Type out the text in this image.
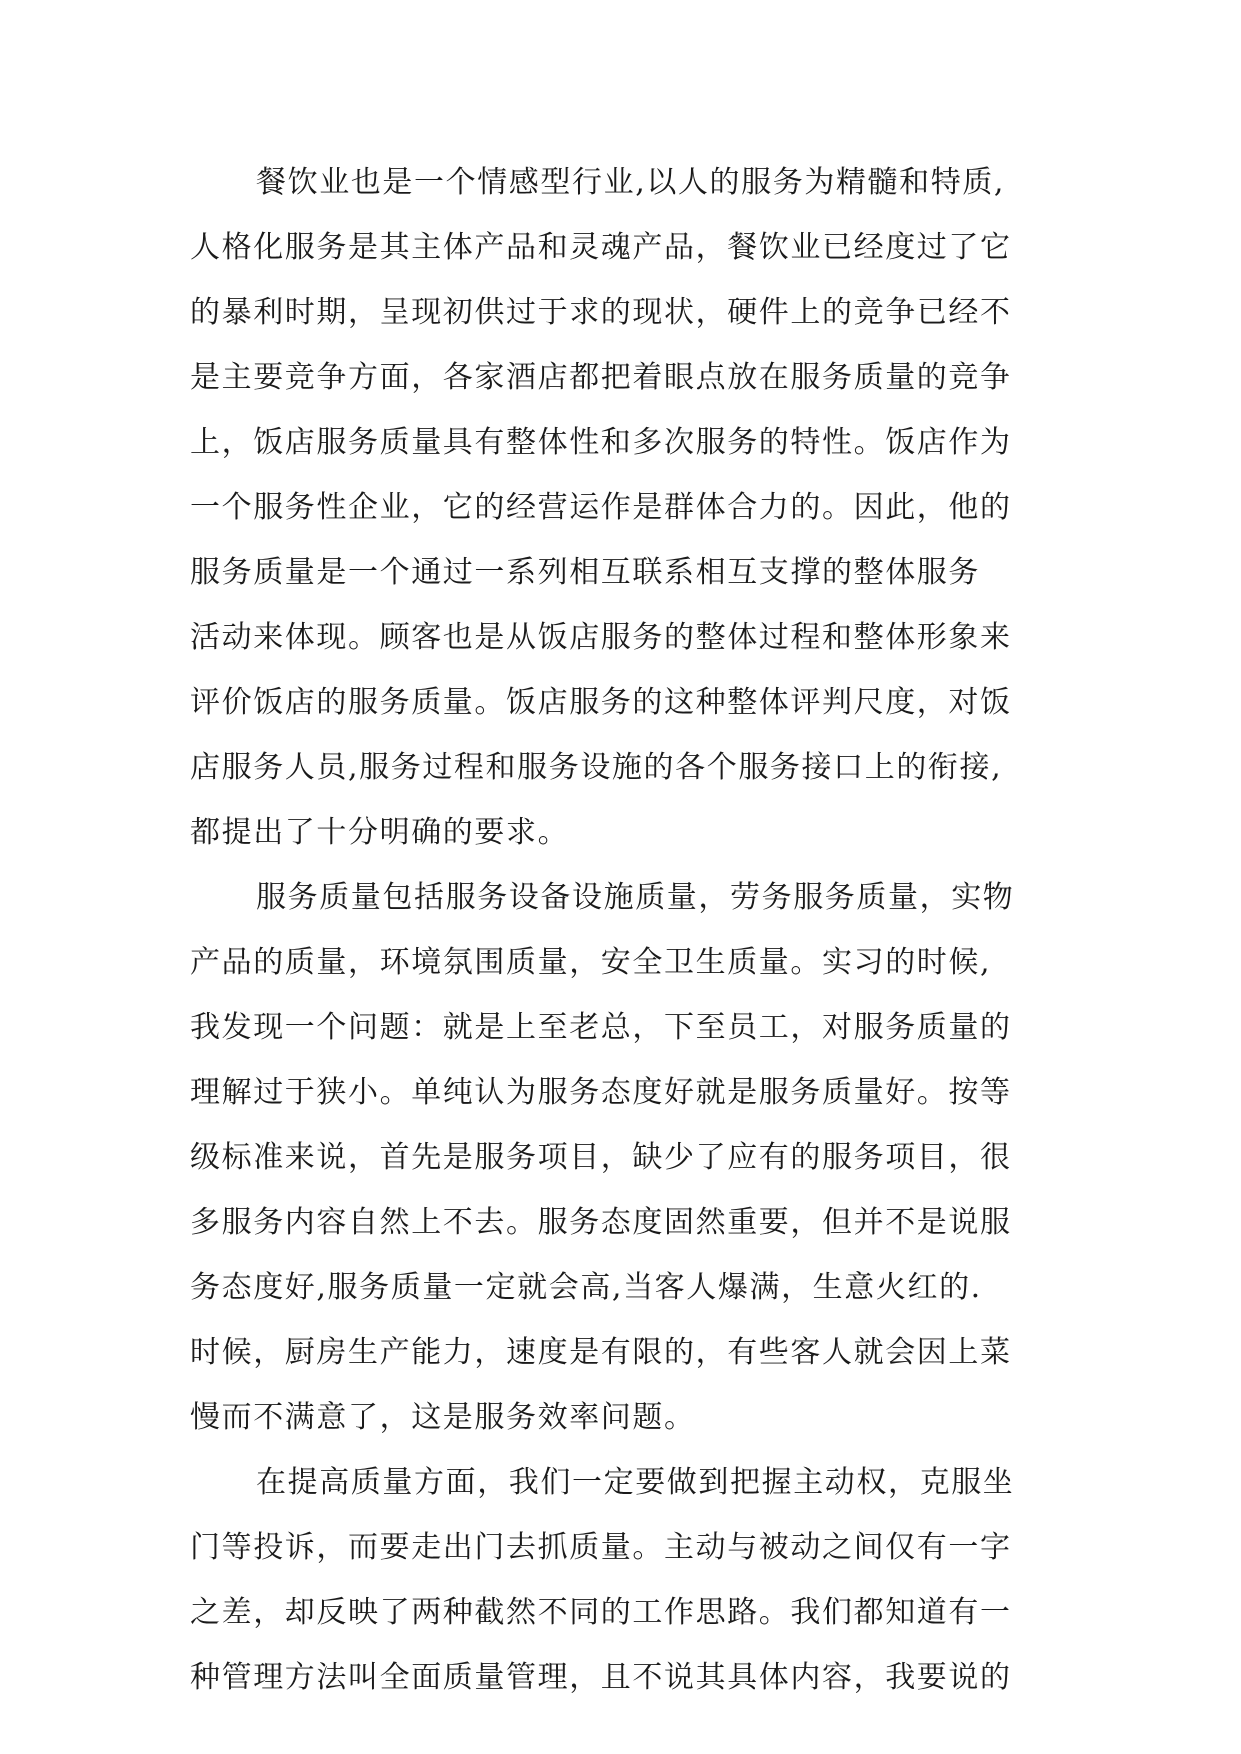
餐饮业也是一个情感型行业,以人的服务为精髓和特质,
人格化服务是其主体产品和灵魂产品，餐饮业已经度过了它
的暴利时期，呈现初供过于求的现状，硬件上的竞争已经不
是主要竞争方面，各家酒店都把着眼点放在服务质量的竞争
上，饭店服务质量具有整体性和多次服务的特性。饭店作为
一个服务性企业，它的经营运作是群体合力的。因此，他的
服务质量是一个通过一系列相互联系相互支撑的整体服务
活动来体现。顾客也是从饭店服务的整体过程和整体形象来
评价饭店的服务质量。饭店服务的这种整体评判尺度，对饭
店服务人员,服务过程和服务设施的各个服务接口上的衔接,
都提出了十分明确的要求。
服务质量包括服务设备设施质量，劳务服务质量，实物
产品的质量，环境氛围质量，安全卫生质量。实习的时候,
我发现一个问题：就是上至老总，下至员工，对服务质量的
理解过于狭小。单纯认为服务态度好就是服务质量好。按等
级标准来说，首先是服务项目，缺少了应有的服务项目，很
多服务内容自然上不去。服务态度固然重要，但并不是说服
务态度好,服务质量一定就会高,当客人爆满，生意火红的.
时候，厨房生产能力，速度是有限的，有些客人就会因上菜
慢而不满意了，这是服务效率问题。
在提高质量方面，我们一定要做到把握主动权，克服坐
门等投诉，而要走出门去抓质量。主动与被动之间仅有一字
之差，却反映了两种截然不同的工作思路。我们都知道有一
种管理方法叫全面质量管理，且不说其具体内容，我要说的
